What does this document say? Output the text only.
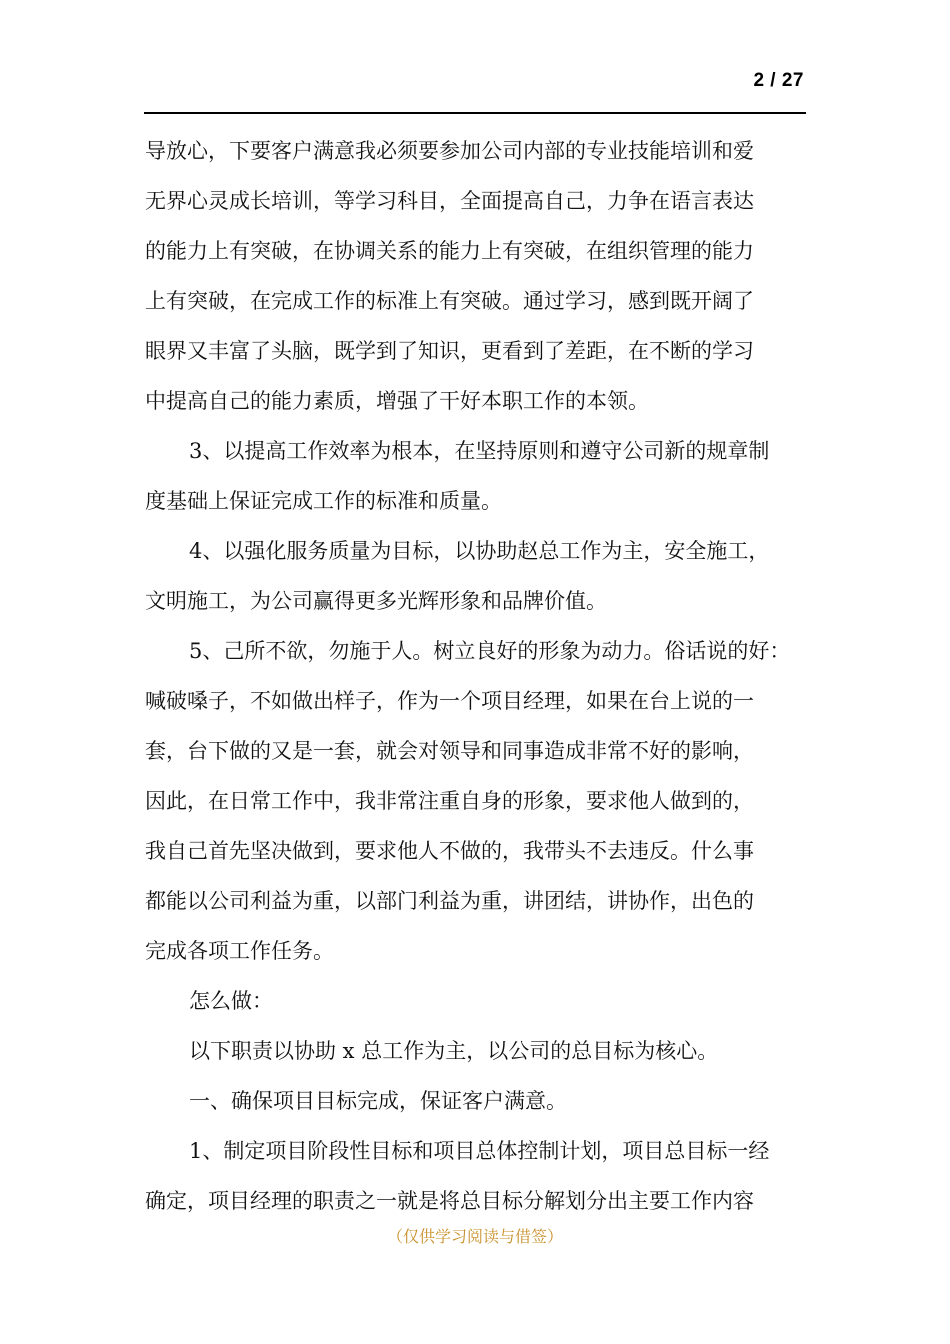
2 / 27
导放心，下要客户满意我必须要参加公司内部的专业技能培训和爱
无界心灵成长培训，等学习科目，全面提高自己，力争在语言表达
的能力上有突破，在协调关系的能力上有突破，在组织管理的能力
上有突破，在完成工作的标准上有突破。通过学习，感到既开阔了
眼界又丰富了头脑，既学到了知识，更看到了差距，在不断的学习
中提高自己的能力素质，增强了干好本职工作的本领。
3、以提高工作效率为根本，在坚持原则和遵守公司新的规章制
度基础上保证完成工作的标准和质量。
4、以强化服务质量为目标，以协助赵总工作为主，安全施工，
文明施工，为公司赢得更多光辉形象和品牌价值。
5、己所不欲，勿施于人。树立良好的形象为动力。俗话说的好：
喊破嗓子，不如做出样子，作为一个项目经理，如果在台上说的一
套，台下做的又是一套，就会对领导和同事造成非常不好的影响，
因此，在日常工作中，我非常注重自身的形象，要求他人做到的，
我自己首先坚决做到，要求他人不做的，我带头不去违反。什么事
都能以公司利益为重，以部门利益为重，讲团结，讲协作，出色的
完成各项工作任务。
怎么做：
以下职责以协助 x 总工作为主，以公司的总目标为核心。
一、确保项目目标完成，保证客户满意。
1、制定项目阶段性目标和项目总体控制计划，项目总目标一经
确定，项目经理的职责之一就是将总目标分解划分出主要工作内容
（仅供学习阅读与借签）
